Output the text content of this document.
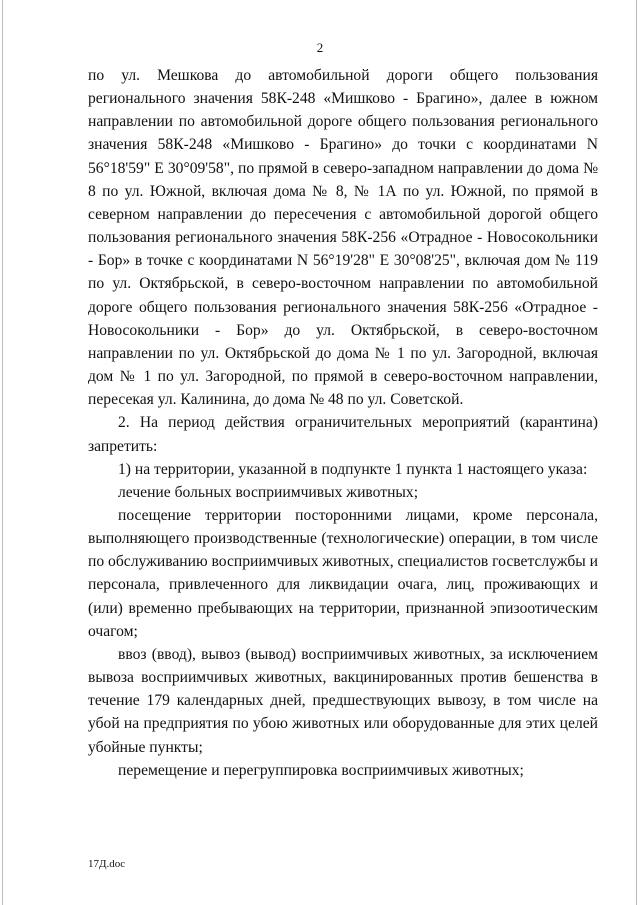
2

по ул. Мешкова до автомобильной дороги общего пользования регионального значения 58К-248 «Мишково - Брагино», далее в южном направлении по автомобильной дороге общего пользования регионального значения 58К-248 «Мишково - Брагино» до точки с координатами N 56°18'59" E 30°09'58", по прямой в северо-западном направлении до дома № 8 по ул. Южной, включая дома № 8, № 1А по ул. Южной, по прямой в северном направлении до пересечения с автомобильной дорогой общего пользования регионального значения 58К-256 «Отрадное - Новосокольники - Бор» в точке с координатами N 56°19'28" E 30°08'25", включая дом № 119 по ул. Октябрьской, в северо-восточном направлении по автомобильной дороге общего пользования регионального значения 58К-256 «Отрадное - Новосокольники - Бор» до ул. Октябрьской, в северо-восточном направлении по ул. Октябрьской до дома № 1 по ул. Загородной, включая дом № 1 по ул. Загородной, по прямой в северо-восточном направлении, пересекая ул. Калинина, до дома № 48 по ул. Советской.

2. На период действия ограничительных мероприятий (карантина) запретить:

1) на территории, указанной в подпункте 1 пункта 1 настоящего указа:

лечение больных восприимчивых животных;

посещение территории посторонними лицами, кроме персонала, выполняющего производственные (технологические) операции, в том числе по обслуживанию восприимчивых животных, специалистов госветслужбы и персонала, привлеченного для ликвидации очага, лиц, проживающих и (или) временно пребывающих на территории, признанной эпизоотическим очагом;

ввоз (ввод), вывоз (вывод) восприимчивых животных, за исключением вывоза восприимчивых животных, вакцинированных против бешенства в течение 179 календарных дней, предшествующих вывозу, в том числе на убой на предприятия по убою животных или оборудованные для этих целей убойные пункты;

перемещение и перегруппировка восприимчивых животных;

17Д.doc
